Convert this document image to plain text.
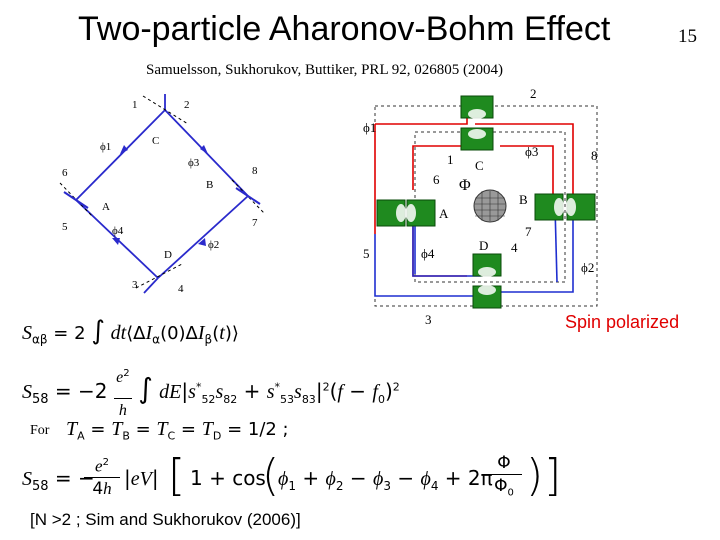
Two-particle Aharonov-Bohm Effect	15
Samuelsson, Sukhorukov, Buttiker, PRL 92, 026805 (2004)
1	2
3	4
5
6
7
8
A
B
C
D
ϕ1
ϕ2
ϕ3
ϕ4
2
8
5
7
4
3
6
1 C
B
A
D
ϕ1
ϕ2
ϕ3
ϕ4
Φ
Spin polarized
$S_{\alpha\beta} = 2$ ∫ $dt⟨\Delta I_\alpha(0)\Delta I_\beta(t)⟩$
$S_{58} = -2$ $e^2$

h ∫ $dE|s^*_{52}s_{82} + s^*_{53}s_{83}|^2(f - f_0)^2$
For $T_A = T_B = T_C = T_D = 1/2$ ;
$S_{58}$ = −
$e^2$

4h |eV| [ 1 + cos
(
$\phi_1 + \phi_2 - \phi_3 - \phi_4 + 2\pi$
Φ

$\Phi_0$ ) ]
[N >2 ; Sim and Sukhorukov (2006)]
